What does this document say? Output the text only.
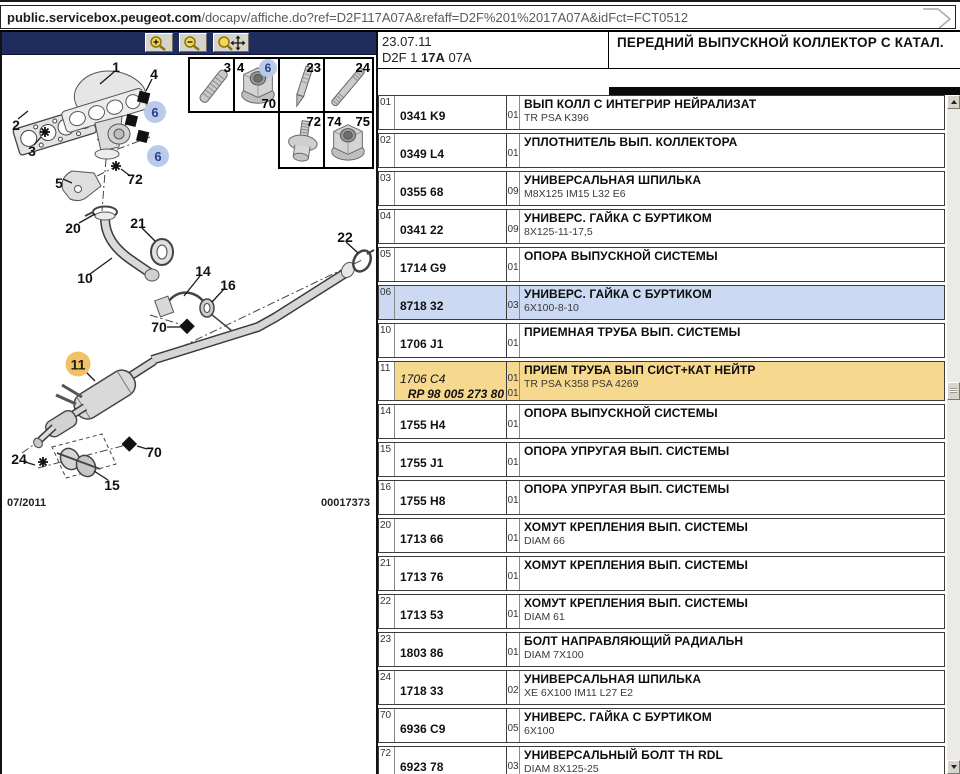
public.servicebox.peugeot.com /docapv/affiche.do?ref=D2F117A07A&refaff=D2F%201%2017A07A&idFct=FCT0512
1 4
2
3
6
6
5	72
20	21
10	14
16
22
70
11
24	70
15
3 4	6
70
23	24
72 74 75
07/2011	00017373
23.07.11
D2F 1 17A 07A
ПЕРЕДНИЙ ВЫПУСКНОЙ КОЛЛЕКТОР С КАТАЛ.
01
0341 K9	01
ВЫП КОЛЛ С ИНТЕГРИР НЕЙРАЛИЗАТ
TR PSA K396
02
0349 L4	01
УПЛОТНИТЕЛЬ ВЫП. КОЛЛЕКТОРА
03
0355 68	09
УНИВЕРСАЛЬНАЯ ШПИЛЬКА
M8X125 IM15 L32 E6
04
0341 22	09
УНИВЕРС. ГАЙКА С БУРТИКОМ
8X125-11-17,5
05
1714 G9	01
ОПОРА ВЫПУСКНОЙ СИСТЕМЫ
06
8718 32	03
УНИВЕРС. ГАЙКА С БУРТИКОМ
6X100-8-10
10
1706 J1	01
ПРИЕМНАЯ ТРУБА ВЫП. СИСТЕМЫ
11
1706 C4
RP 98 005 273 80
01
01
ПРИЕМ ТРУБА ВЫП СИСТ+КАТ НЕЙТР
TR PSA K358 PSA 4269
14
1755 H4	01
ОПОРА ВЫПУСКНОЙ СИСТЕМЫ
15
1755 J1	01
ОПОРА УПРУГАЯ ВЫП. СИСТЕМЫ
16
1755 H8	01
ОПОРА УПРУГАЯ ВЫП. СИСТЕМЫ
20
1713 66	01
ХОМУТ КРЕПЛЕНИЯ ВЫП. СИСТЕМЫ
DIAM 66
21
1713 76	01
ХОМУТ КРЕПЛЕНИЯ ВЫП. СИСТЕМЫ
22
1713 53	01
ХОМУТ КРЕПЛЕНИЯ ВЫП. СИСТЕМЫ
DIAM 61
23
1803 86	01
БОЛТ НАПРАВЛЯЮЩИЙ РАДИАЛЬН
DIAM 7X100
24
1718 33	02
УНИВЕРСАЛЬНАЯ ШПИЛЬКА
XE 6X100 IM11 L27 E2
70
6936 C9	05
УНИВЕРС. ГАЙКА С БУРТИКОМ
6X100
72
6923 78	03
УНИВЕРСАЛЬНЫЙ БОЛТ TH RDL
DIAM 8X125-25
